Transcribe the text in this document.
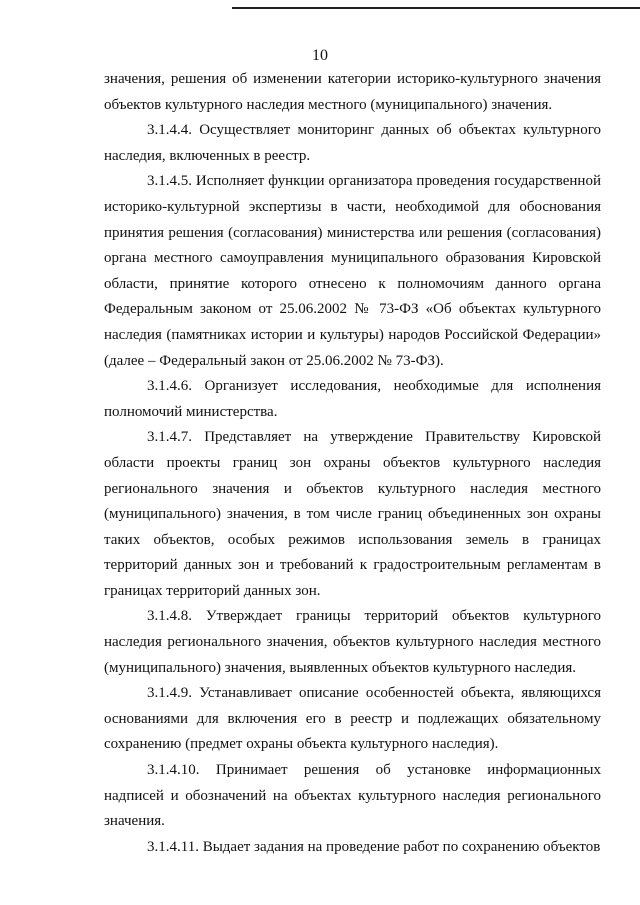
10

значения, решения об изменении категории историко-культурного значения объектов культурного наследия местного (муниципального) значения.

3.1.4.4. Осуществляет мониторинг данных об объектах культурного наследия, включенных в реестр.

3.1.4.5. Исполняет функции организатора проведения государственной историко-культурной экспертизы в части, необходимой для обоснования принятия решения (согласования) министерства или решения (согласования) органа местного самоуправления муниципального образования Кировской области, принятие которого отнесено к полномочиям данного органа Федеральным законом от 25.06.2002 № 73-ФЗ «Об объектах культурного наследия (памятниках истории и культуры) народов Российской Федерации» (далее – Федеральный закон от 25.06.2002 № 73-ФЗ).

3.1.4.6. Организует исследования, необходимые для исполнения полномочий министерства.

3.1.4.7. Представляет на утверждение Правительству Кировской области проекты границ зон охраны объектов культурного наследия регионального значения и объектов культурного наследия местного (муниципального) значения, в том числе границ объединенных зон охраны таких объектов, особых режимов использования земель в границах территорий данных зон и требований к градостроительным регламентам в границах территорий данных зон.

3.1.4.8. Утверждает границы территорий объектов культурного наследия регионального значения, объектов культурного наследия местного (муниципального) значения, выявленных объектов культурного наследия.

3.1.4.9. Устанавливает описание особенностей объекта, являющихся основаниями для включения его в реестр и подлежащих обязательному сохранению (предмет охраны объекта культурного наследия).

3.1.4.10. Принимает решения об установке информационных надписей и обозначений на объектах культурного наследия регионального значения.

3.1.4.11. Выдает задания на проведение работ по сохранению объектов
